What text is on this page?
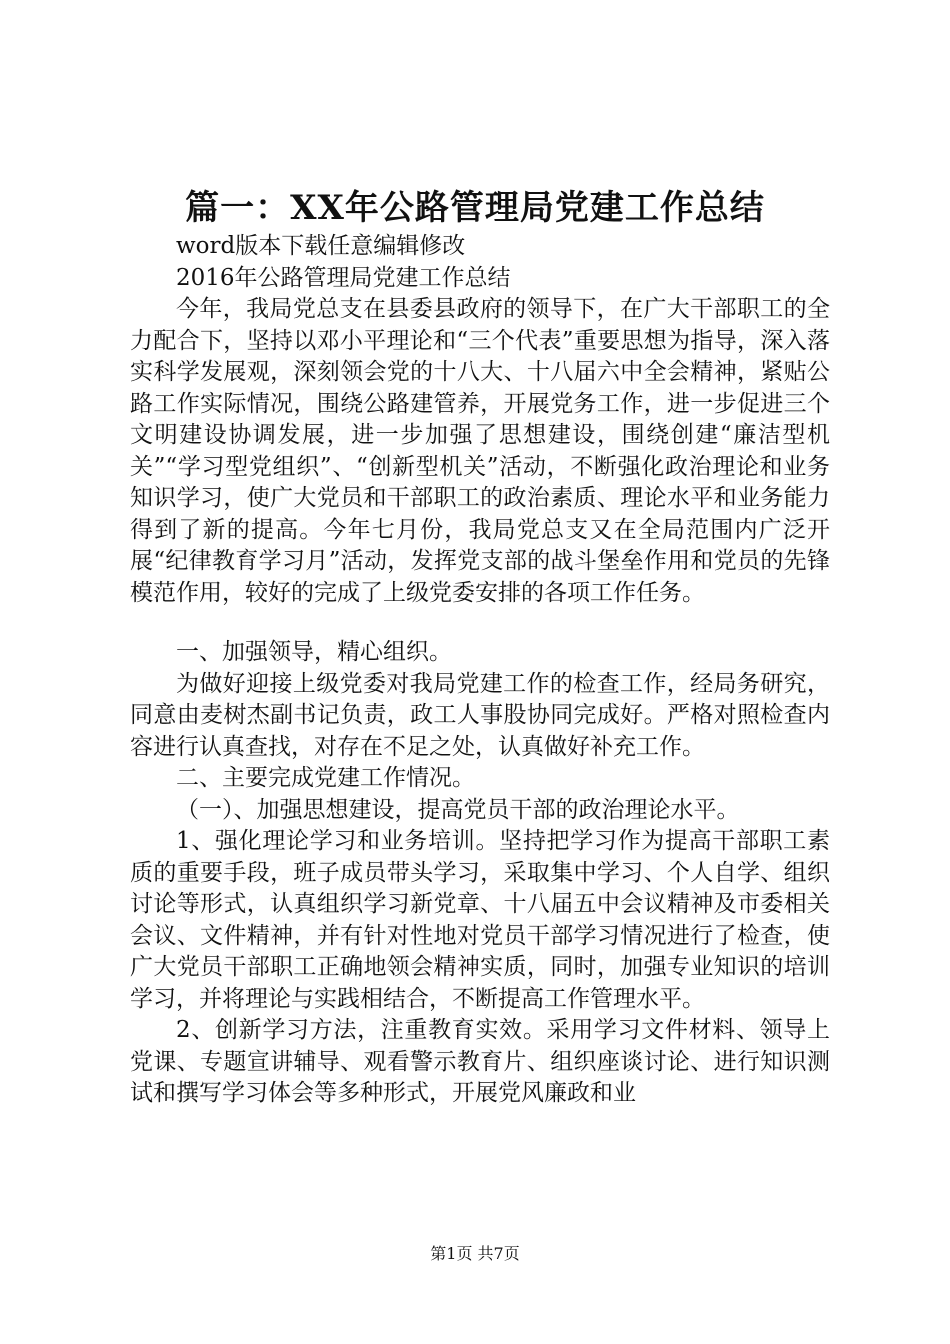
篇一：XX年公路管理局党建工作总结

word版本下载任意编辑修改

2016年公路管理局党建工作总结

今年，我局党总支在县委县政府的领导下，在广大干部职工的全力配合下，坚持以邓小平理论和“三个代表”重要思想为指导，深入落实科学发展观，深刻领会党的十八大、十八届六中全会精神，紧贴公路工作实际情况，围绕公路建管养，开展党务工作，进一步促进三个文明建设协调发展，进一步加强了思想建设，围绕创建“廉洁型机关”“学习型党组织”、“创新型机关”活动，不断强化政治理论和业务知识学习，使广大党员和干部职工的政治素质、理论水平和业务能力得到了新的提高。今年七月份，我局党总支又在全局范围内广泛开展“纪律教育学习月”活动，发挥党支部的战斗堡垒作用和党员的先锋模范作用，较好的完成了上级党委安排的各项工作任务。

一、加强领导，精心组织。

为做好迎接上级党委对我局党建工作的检查工作，经局务研究，同意由麦树杰副书记负责，政工人事股协同完成好。严格对照检查内容进行认真查找，对存在不足之处，认真做好补充工作。

二、主要完成党建工作情况。

（一）、加强思想建设，提高党员干部的政治理论水平。

1、强化理论学习和业务培训。坚持把学习作为提高干部职工素质的重要手段，班子成员带头学习，采取集中学习、个人自学、组织讨论等形式，认真组织学习新党章、十八届五中会议精神及市委相关会议、文件精神，并有针对性地对党员干部学习情况进行了检查，使广大党员干部职工正确地领会精神实质，同时，加强专业知识的培训学习，并将理论与实践相结合，不断提高工作管理水平。

2、创新学习方法，注重教育实效。采用学习文件材料、领导上党课、专题宣讲辅导、观看警示教育片、组织座谈讨论、进行知识测试和撰写学习体会等多种形式，开展党风廉政和业

第1页 共7页
